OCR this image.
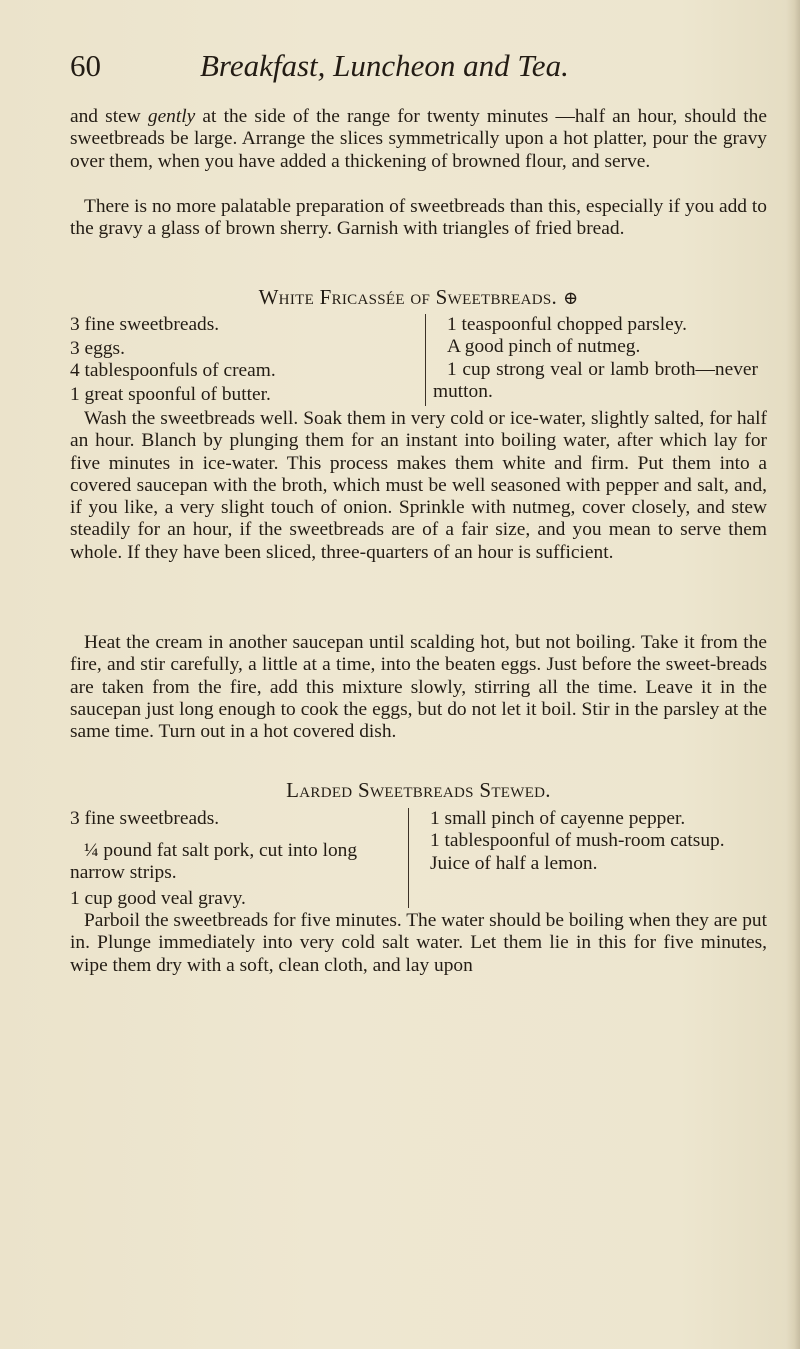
60	Breakfast, Luncheon and Tea.
and stew gently at the side of the range for twenty minutes —half an hour, should the sweetbreads be large. Arrange the slices symmetrically upon a hot platter, pour the gravy over them, when you have added a thickening of browned flour, and serve.
There is no more palatable preparation of sweetbreads than this, especially if you add to the gravy a glass of brown sherry. Garnish with triangles of fried bread.
White Fricassée of Sweetbreads. ⊕
3 fine sweetbreads.
3 eggs.
4 tablespoonfuls of cream.
1 great spoonful of butter.
1 teaspoonful chopped parsley.
A good pinch of nutmeg.
1 cup strong veal or lamb broth—never mutton.
Wash the sweetbreads well. Soak them in very cold or ice-water, slightly salted, for half an hour. Blanch by plunging them for an instant into boiling water, after which lay for five minutes in ice-water. This process makes them white and firm. Put them into a covered saucepan with the broth, which must be well seasoned with pepper and salt, and, if you like, a very slight touch of onion. Sprinkle with nutmeg, cover closely, and stew steadily for an hour, if the sweetbreads are of a fair size, and you mean to serve them whole. If they have been sliced, three-quarters of an hour is sufficient.
Heat the cream in another saucepan until scalding hot, but not boiling. Take it from the fire, and stir carefully, a little at a time, into the beaten eggs. Just before the sweet-breads are taken from the fire, add this mixture slowly, stirring all the time. Leave it in the saucepan just long enough to cook the eggs, but do not let it boil. Stir in the parsley at the same time. Turn out in a hot covered dish.
Larded Sweetbreads Stewed.
3 fine sweetbreads.
¼ pound fat salt pork, cut into long narrow strips.
1 cup good veal gravy.
1 small pinch of cayenne pepper.
1 tablespoonful of mush-room catsup.
Juice of half a lemon.
Parboil the sweetbreads for five minutes. The water should be boiling when they are put in. Plunge immediately into very cold salt water. Let them lie in this for five minutes, wipe them dry with a soft, clean cloth, and lay upon
